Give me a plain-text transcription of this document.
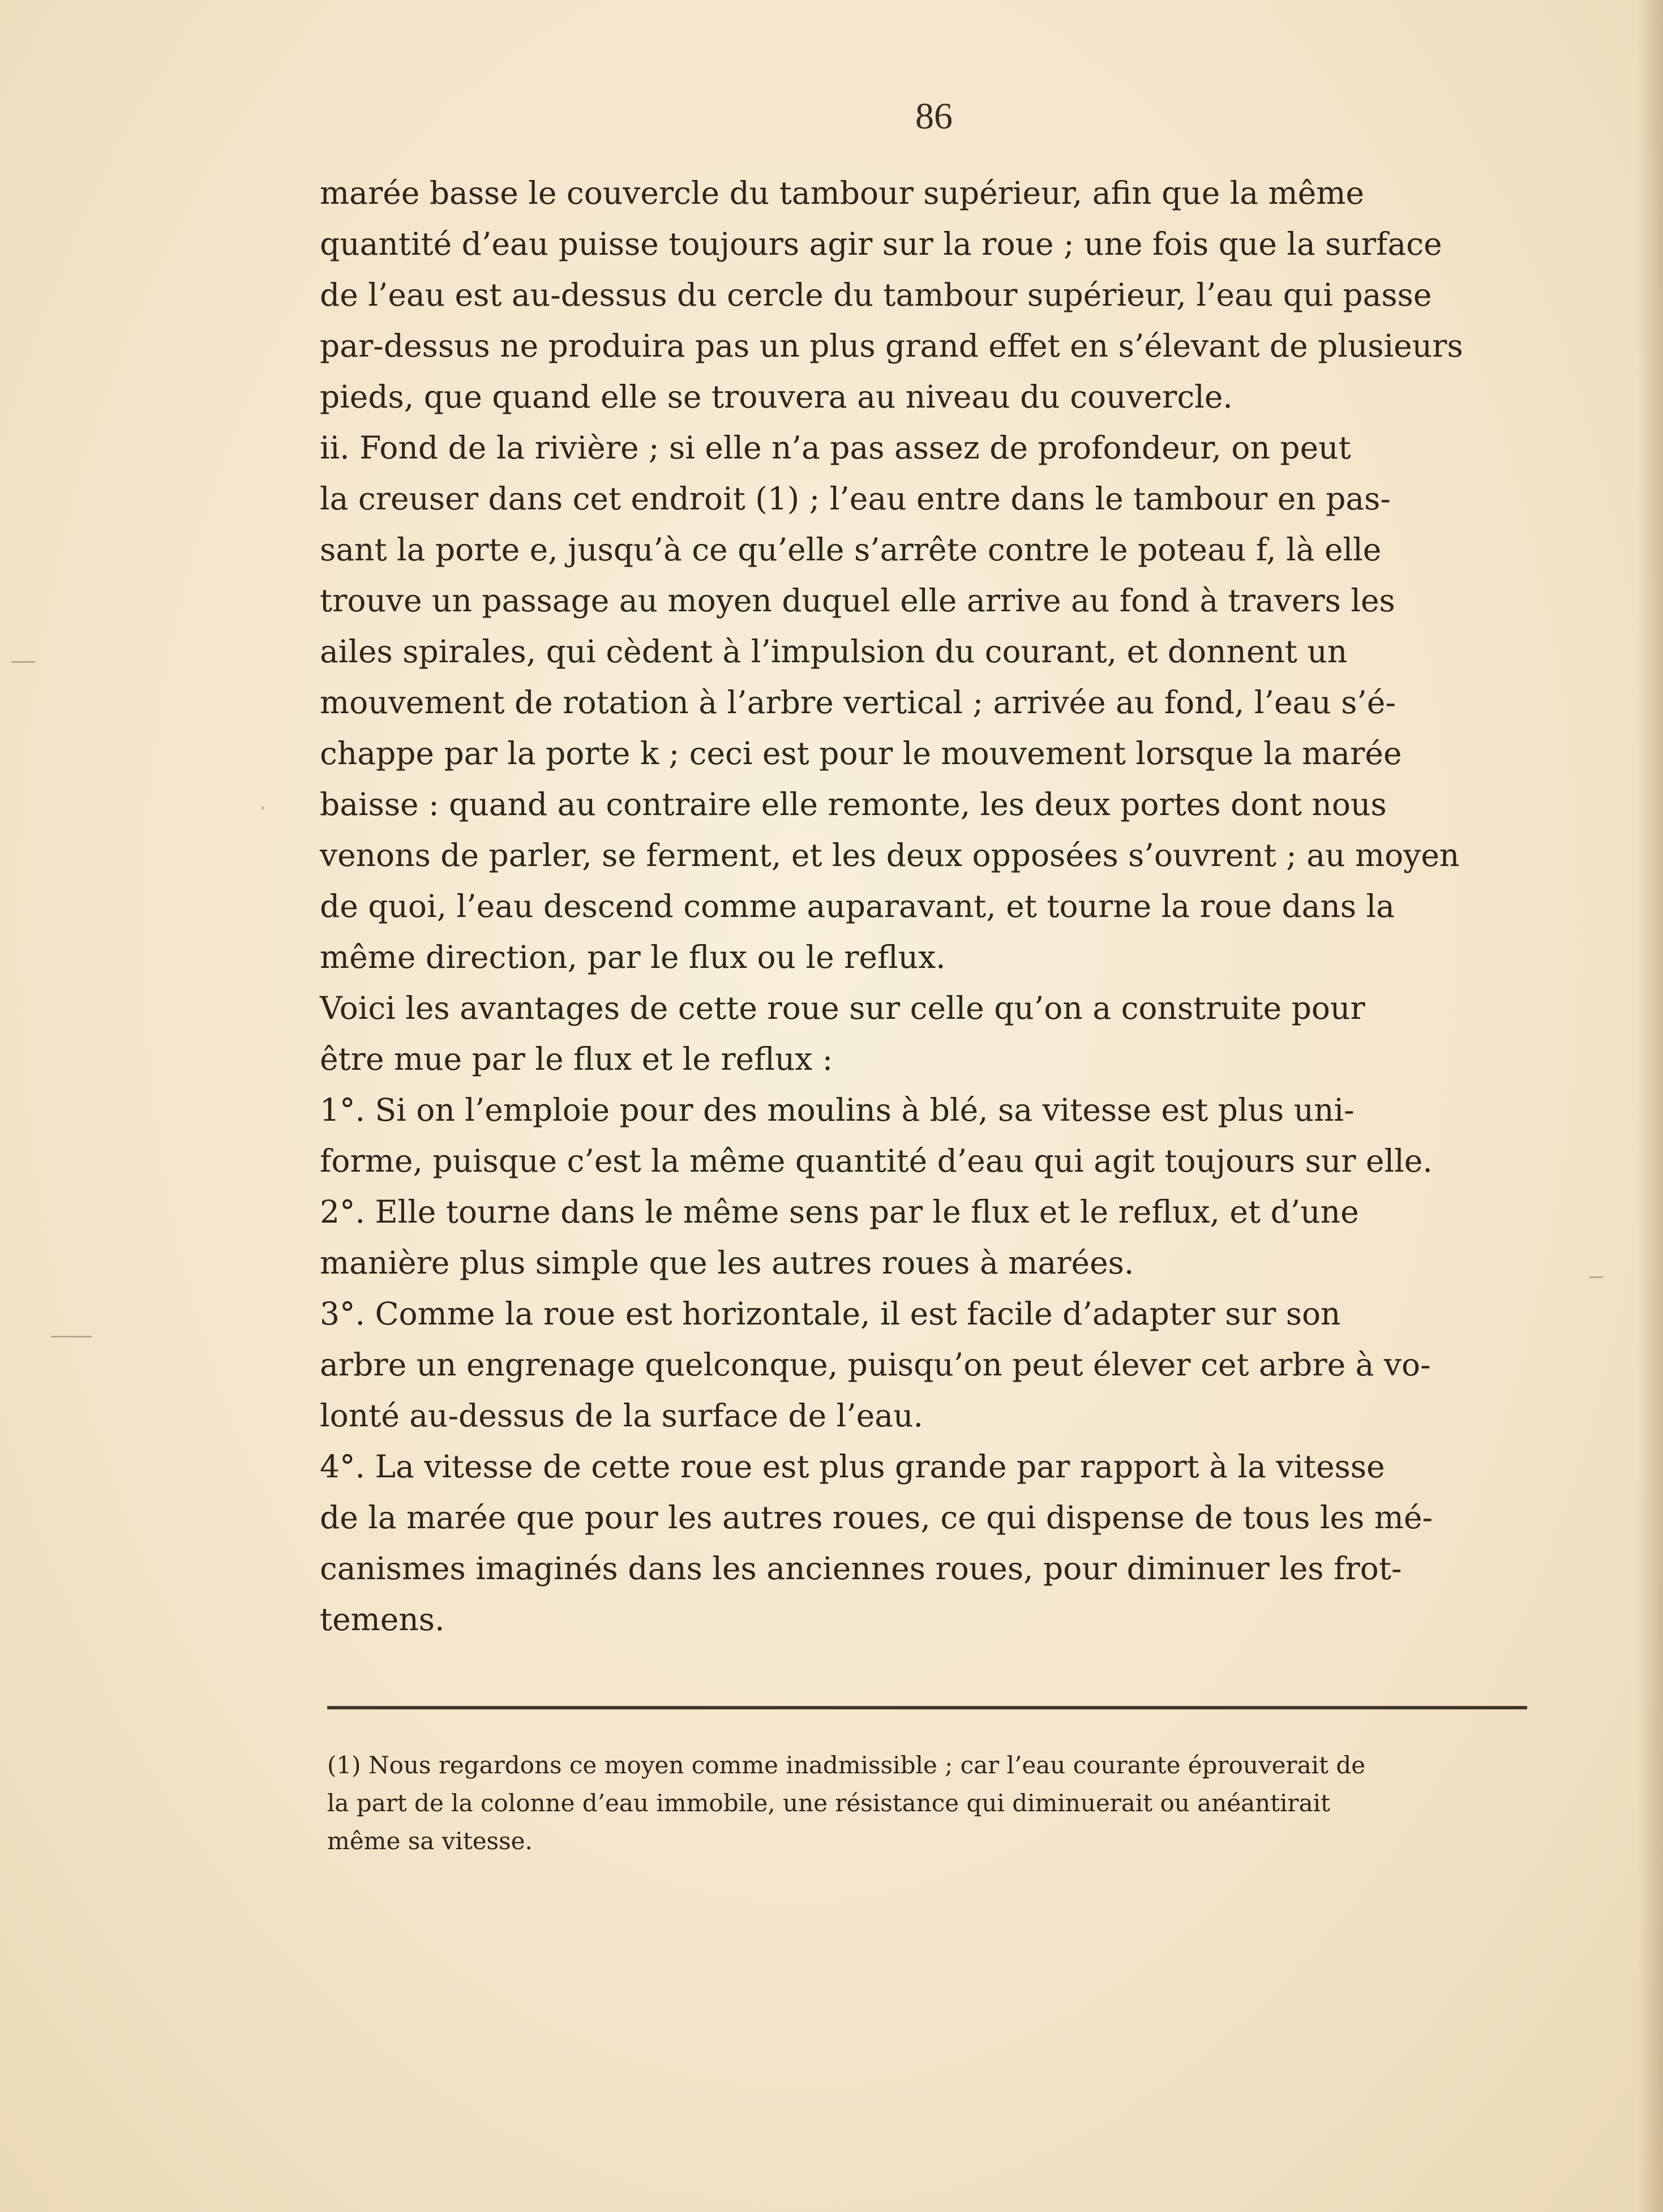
86
marée basse le couvercle du tambour supérieur, afin que la même
quantité d’eau puisse toujours agir sur la roue ; une fois que la surface
de l’eau est au-dessus du cercle du tambour supérieur, l’eau qui passe
par-dessus ne produira pas un plus grand effet en s’élevant de plusieurs
pieds, que quand elle se trouvera au niveau du couvercle.
ii. Fond de la rivière ; si elle n’a pas assez de profondeur, on peut
la creuser dans cet endroit (1) ; l’eau entre dans le tambour en pas-
sant la porte e, jusqu’à ce qu’elle s’arrête contre le poteau f, là elle
trouve un passage au moyen duquel elle arrive au fond à travers les
ailes spirales, qui cèdent à l’impulsion du courant, et donnent un
mouvement de rotation à l’arbre vertical ; arrivée au fond, l’eau s’é-
chappe par la porte k ; ceci est pour le mouvement lorsque la marée
baisse : quand au contraire elle remonte, les deux portes dont nous
venons de parler, se ferment, et les deux opposées s’ouvrent ; au moyen
de quoi, l’eau descend comme auparavant, et tourne la roue dans la
même direction, par le flux ou le reflux.
Voici les avantages de cette roue sur celle qu’on a construite pour
être mue par le flux et le reflux :
1°. Si on l’emploie pour des moulins à blé, sa vitesse est plus uni-
forme, puisque c’est la même quantité d’eau qui agit toujours sur elle.
2°. Elle tourne dans le même sens par le flux et le reflux, et d’une
manière plus simple que les autres roues à marées.
3°. Comme la roue est horizontale, il est facile d’adapter sur son
arbre un engrenage quelconque, puisqu’on peut élever cet arbre à vo-
lonté au-dessus de la surface de l’eau.
4°. La vitesse de cette roue est plus grande par rapport à la vitesse
de la marée que pour les autres roues, ce qui dispense de tous les mé-
canismes imaginés dans les anciennes roues, pour diminuer les frot-
temens.
(1) Nous regardons ce moyen comme inadmissible ; car l’eau courante éprouverait de
la part de la colonne d’eau immobile, une résistance qui diminuerait ou anéantirait
même sa vitesse.
